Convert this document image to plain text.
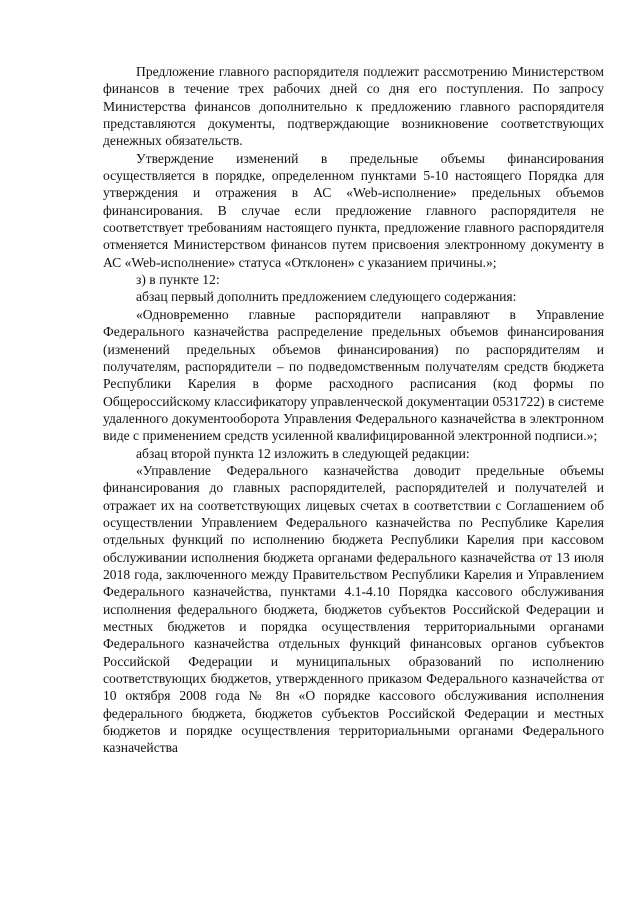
Предложение главного распорядителя подлежит рассмотрению Министерством финансов в течение трех рабочих дней со дня его поступления. По запросу Министерства финансов дополнительно к предложению главного распорядителя представляются документы, подтверждающие возникновение соответствующих денежных обязательств.

Утверждение изменений в предельные объемы финансирования осуществляется в порядке, определенном пунктами 5-10 настоящего Порядка для утверждения и отражения в АС «Web-исполнение» предельных объемов финансирования. В случае если предложение главного распорядителя не соответствует требованиям настоящего пункта, предложение главного распорядителя отменяется Министерством финансов путем присвоения электронному документу в АС «Web-исполнение» статуса «Отклонен» с указанием причины.»;

з) в пункте 12:

абзац первый дополнить предложением следующего содержания:

«Одновременно главные распорядители направляют в Управление Федерального казначейства распределение предельных объемов финансирования (изменений предельных объемов финансирования) по распорядителям и получателям, распорядители – по подведомственным получателям средств бюджета Республики Карелия в форме расходного расписания (код формы по Общероссийскому классификатору управленческой документации 0531722) в системе удаленного документооборота Управления Федерального казначейства в электронном виде с применением средств усиленной квалифицированной электронной подписи.»;

абзац второй пункта 12 изложить в следующей редакции:

«Управление Федерального казначейства доводит предельные объемы финансирования до главных распорядителей, распорядителей и получателей и отражает их на соответствующих лицевых счетах в соответствии с Соглашением об осуществлении Управлением Федерального казначейства по Республике Карелия отдельных функций по исполнению бюджета Республики Карелия при кассовом обслуживании исполнения бюджета органами федерального казначейства от 13 июля 2018 года, заключенного между Правительством Республики Карелия и Управлением Федерального казначейства, пунктами 4.1-4.10 Порядка кассового обслуживания исполнения федерального бюджета, бюджетов субъектов Российской Федерации и местных бюджетов и порядка осуществления территориальными органами Федерального казначейства отдельных функций финансовых органов субъектов Российской Федерации и муниципальных образований по исполнению соответствующих бюджетов, утвержденного приказом Федерального казначейства от 10 октября 2008 года № 8н «О порядке кассового обслуживания исполнения федерального бюджета, бюджетов субъектов Российской Федерации и местных бюджетов и порядке осуществления территориальными органами Федерального казначейства
